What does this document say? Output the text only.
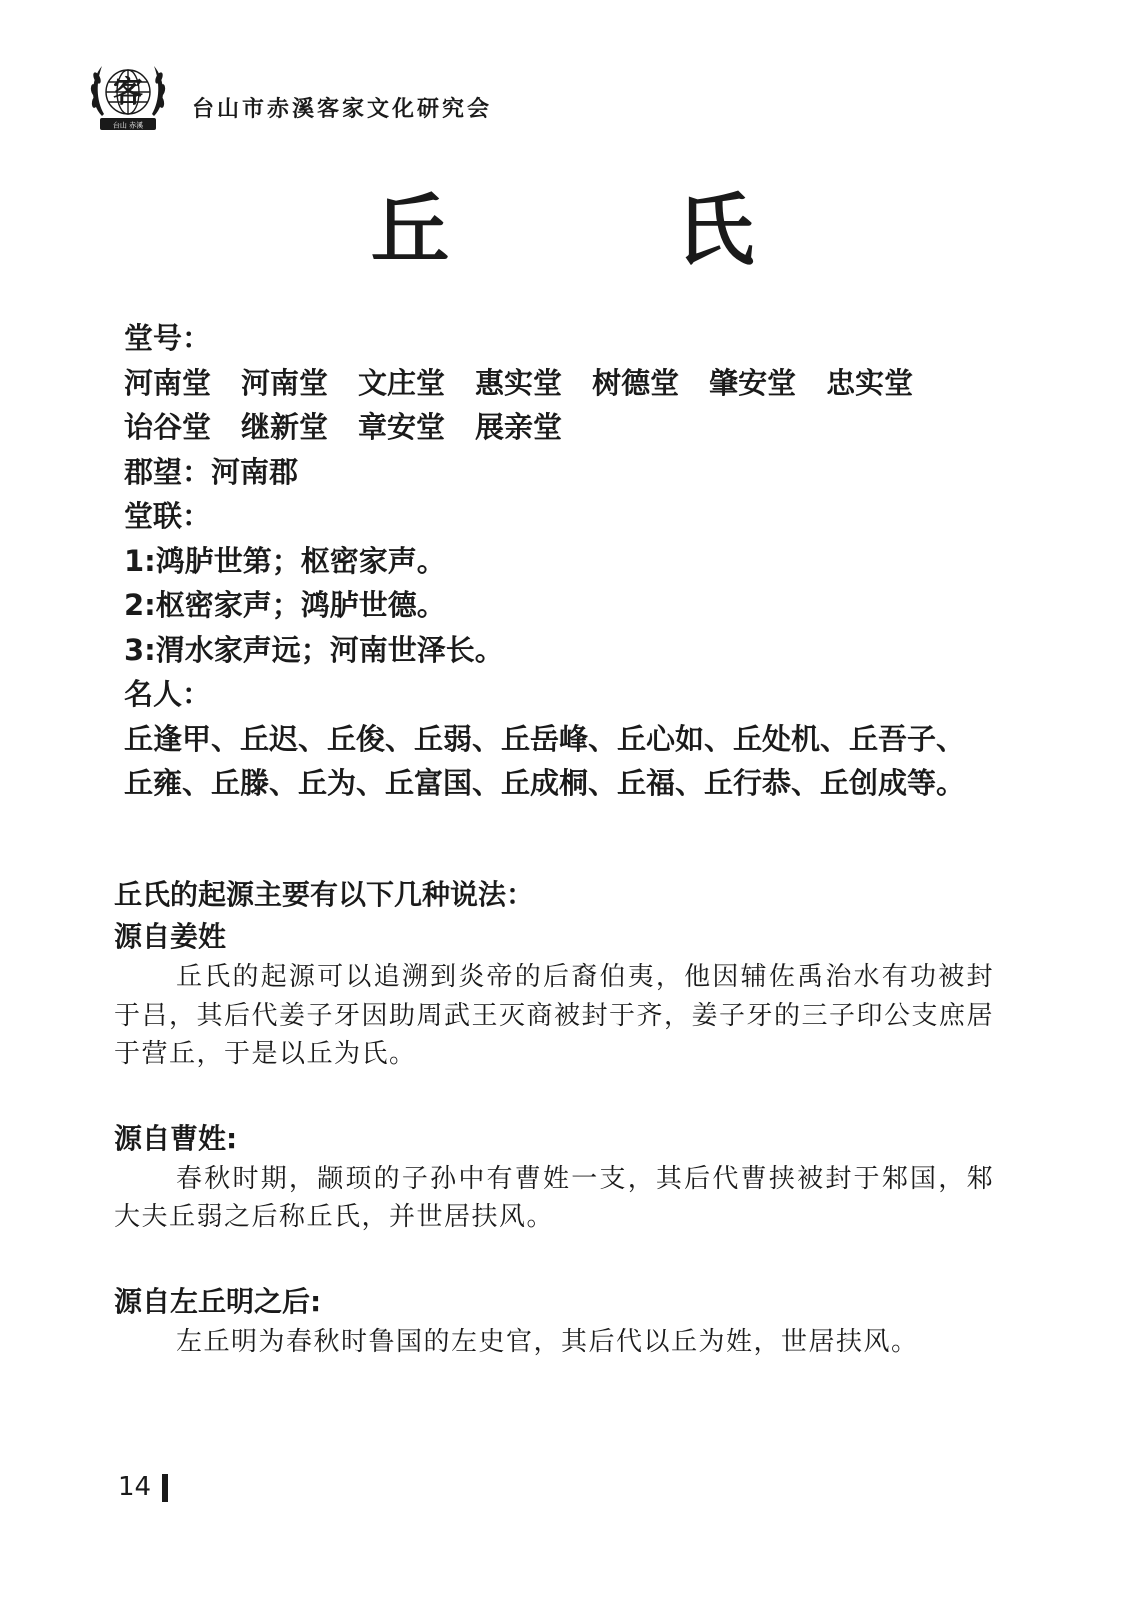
客
台山 赤溪
台山市赤溪客家文化研究会
丘 氏
堂号：
河南堂 河南堂 文庄堂 惠实堂 树德堂 肇安堂 忠实堂
诒谷堂 继新堂 章安堂 展亲堂
郡望：河南郡
堂联：
1:鸿胪世第；枢密家声。
2:枢密家声；鸿胪世德。
3:渭水家声远；河南世泽长。
名人：
丘逢甲、丘迟、丘俊、丘弱、丘岳峰、丘心如、丘处机、丘吾子、
丘雍、丘滕、丘为、丘富国、丘成桐、丘福、丘行恭、丘创成等。
丘氏的起源主要有以下几种说法：
源自姜姓

丘氏的起源可以追溯到炎帝的后裔伯夷，他因辅佐禹治水有功被封于吕，其后代姜子牙因助周武王灭商被封于齐，姜子牙的三子印公支庶居于营丘，于是以丘为氏。

源自曹姓:

春秋时期，颛顼的子孙中有曹姓一支，其后代曹挟被封于邾国，邾大夫丘弱之后称丘氏，并世居扶风。

源自左丘明之后:

左丘明为春秋时鲁国的左史官，其后代以丘为姓，世居扶风。

14
